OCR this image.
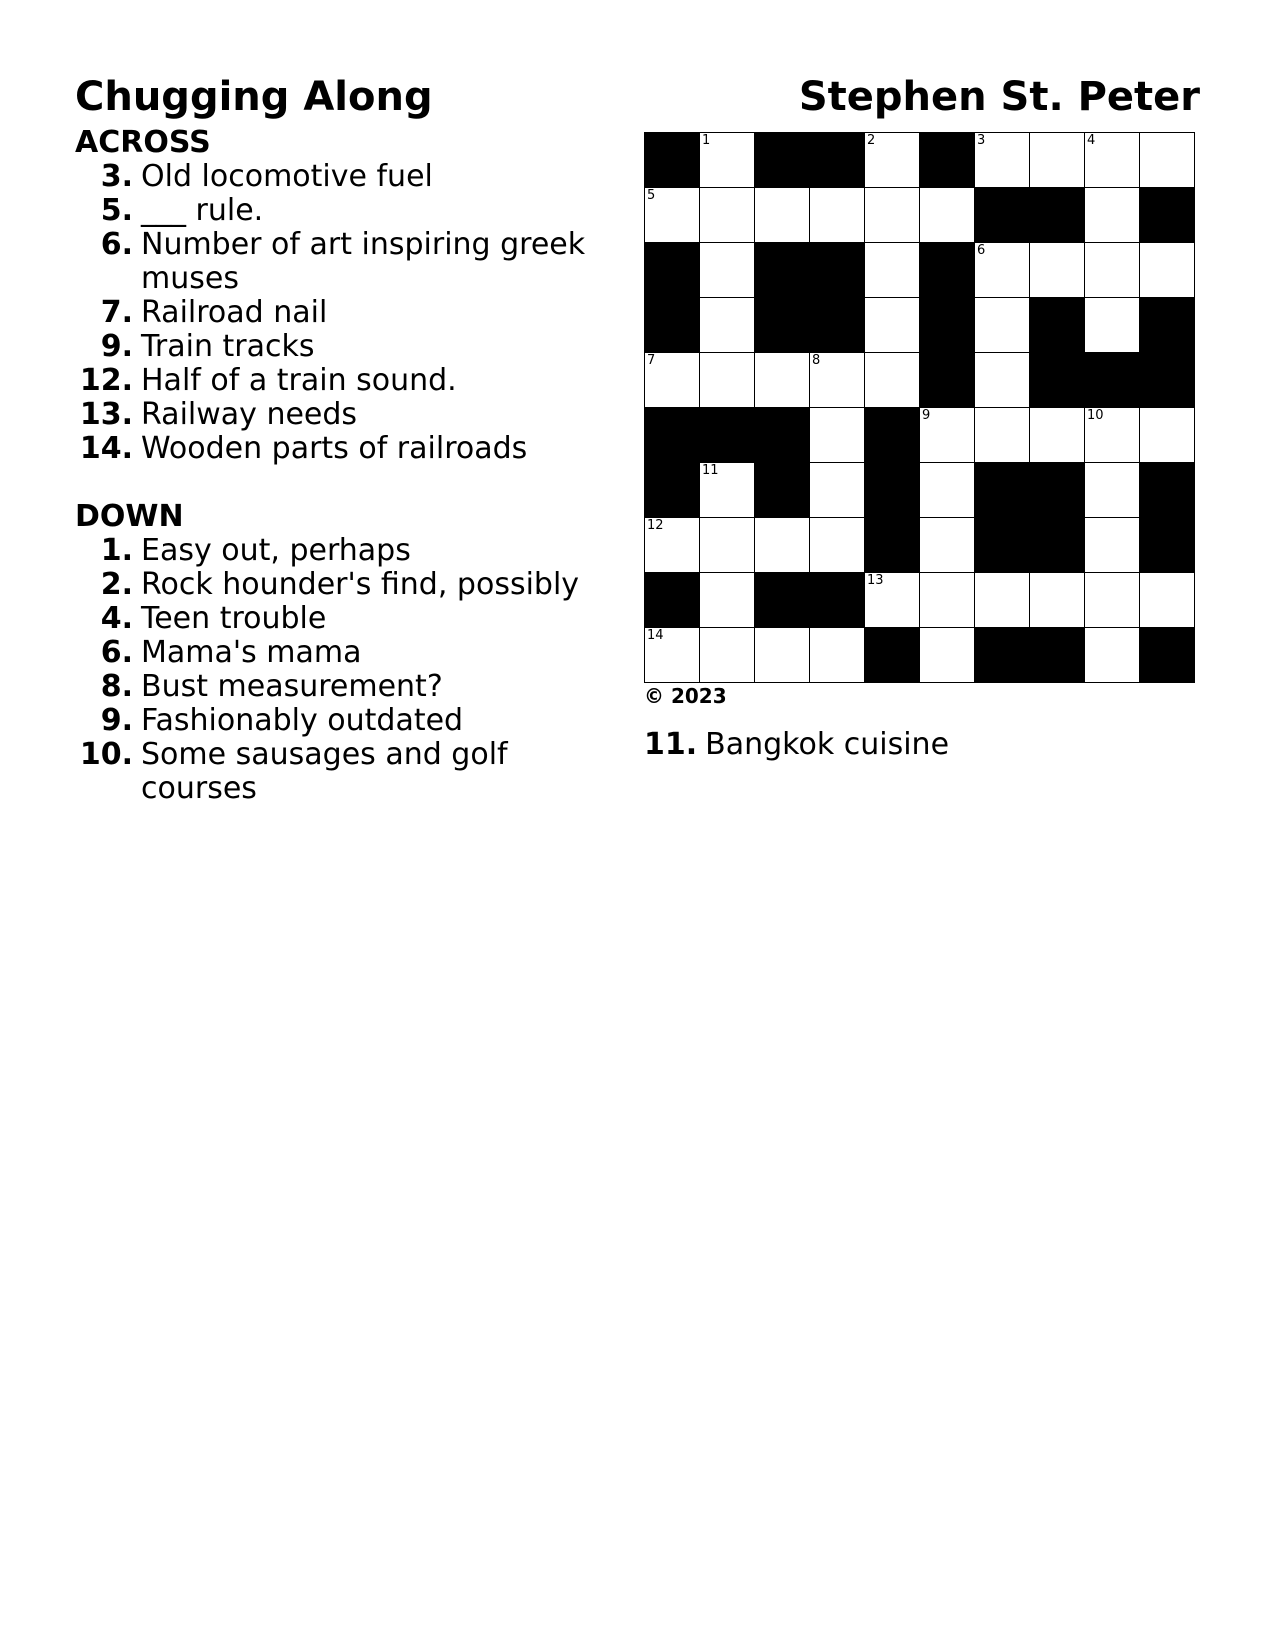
Chugging Along	Stephen St. Peter
ACROSS
3. Old locomotive fuel
5. ___ rule.
6. Number of art inspiring greek muses
7. Railroad nail
9. Train tracks
12. Half of a train sound.
13. Railway needs
14. Wooden parts of railroads
DOWN
1. Easy out, perhaps
2. Rock hounder's find, possibly
4. Teen trouble
6. Mama's mama
8. Bust measurement?
9. Fashionably outdated
10. Some sausages and golf courses
1	2	3	4
5
6
7	8
9	10
11
12
13
14
© 2023
11. Bangkok cuisine
